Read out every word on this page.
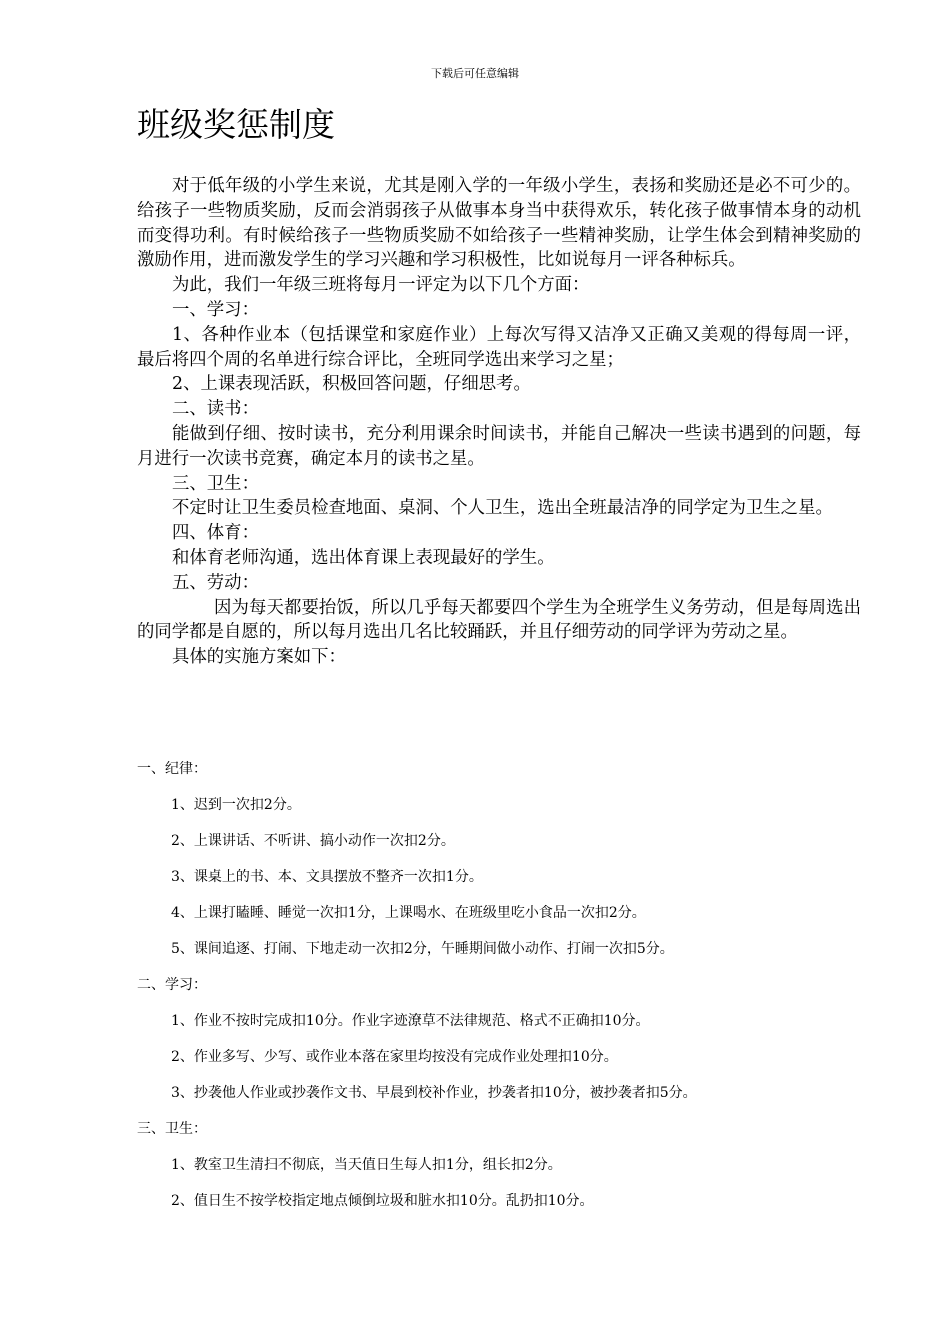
下载后可任意编辑
班级奖惩制度

对于低年级的小学生来说，尤其是刚入学的一年级小学生，表扬和奖励还是必不可少的。给孩子一些物质奖励，反而会消弱孩子从做事本身当中获得欢乐，转化孩子做事情本身的动机而变得功利。有时候给孩子一些物质奖励不如给孩子一些精神奖励，让学生体会到精神奖励的激励作用，进而激发学生的学习兴趣和学习积极性，比如说每月一评各种标兵。

为此，我们一年级三班将每月一评定为以下几个方面：

一、学习：

1、各种作业本（包括课堂和家庭作业）上每次写得又洁净又正确又美观的得每周一评，最后将四个周的名单进行综合评比，全班同学选出来学习之星；

2、上课表现活跃，积极回答问题，仔细思考。

二、读书：

能做到仔细、按时读书，充分利用课余时间读书，并能自己解决一些读书遇到的问题，每月进行一次读书竞赛，确定本月的读书之星。

三、卫生：

不定时让卫生委员检查地面、桌洞、个人卫生，选出全班最洁净的同学定为卫生之星。

四、体育：

和体育老师沟通，选出体育课上表现最好的学生。

五、劳动：

因为每天都要抬饭，所以几乎每天都要四个学生为全班学生义务劳动，但是每周选出的同学都是自愿的，所以每月选出几名比较踊跃，并且仔细劳动的同学评为劳动之星。

具体的实施方案如下：

一、纪律：
1、迟到一次扣2分。
2、上课讲话、不听讲、搞小动作一次扣2分。
3、课桌上的书、本、文具摆放不整齐一次扣1分。
4、上课打瞌睡、睡觉一次扣1分，上课喝水、在班级里吃小食品一次扣2分。
5、课间追逐、打闹、下地走动一次扣2分，午睡期间做小动作、打闹一次扣5分。
二、学习：
1、作业不按时完成扣10分。作业字迹潦草不法律规范、格式不正确扣10分。
2、作业多写、少写、或作业本落在家里均按没有完成作业处理扣10分。
3、抄袭他人作业或抄袭作文书、早晨到校补作业，抄袭者扣10分，被抄袭者扣5分。
三、卫生：
1、教室卫生清扫不彻底，当天值日生每人扣1分，组长扣2分。
2、值日生不按学校指定地点倾倒垃圾和脏水扣10分。乱扔扣10分。
